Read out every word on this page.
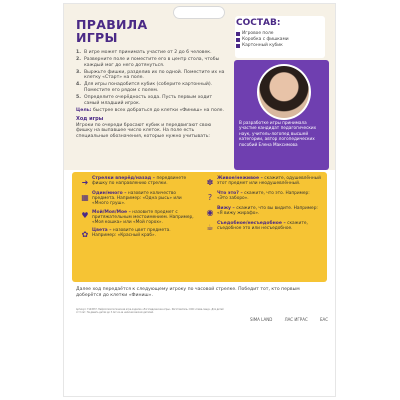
ПРАВИЛА
ИГРЫ
1. В игре может принимать участие от 2 до 6 человек.
2. Разверните поле и поместите его в центр стола, чтобы каждый мог до него дотянуться.
3. Выржьте фишки, разделив их по одной. Поместите их на клетку «Старт» на поле.
4. Для игры понадобится кубик (соберите картонный). Поместите его рядом с полем.
5. Определите очерёдность хода. Пусть первым ходит самый младший игрок.
Цель: быстрее всех добраться до клетки «Финиш» на поле.
Ход игры
Игроки по очереди бросают кубик и передвигают свою фишку на выпавшее число клеток. На поле есть специальные обозначения, которые нужно учитывать:
СОСТАВ:
Игровое поле
Коробка с фишками
Картонный кубик
В разработке игры принимала участие кандидат педагогических наук, учитель-логопед высшей категории, автор логопедических пособий Елена Максимова
➜ Стрелки вперёд/назад – передвинете фишку по направлению стрелки.
▦ Один/много – назовите количество предмета. Например: «Одна рысь» или «Много груш».
♥ Мой/Моя/Мое – назовите предмет с притяжательным местоимением. Например, «Моя кошка» или «Мой горох».
✿ Цвета – назовите цвет предмета. Например: «Красный краб».
✽ Живое/неживое – скажите, одушевлённый этот предмет или неодушевлённый.
?	Что это? – скажите, что это. Например: «Это заборо».
◉ Вижу – скажите, что вы видите. Например: «Я вижу жирафо».
☕ Съедобное/несъедобное – скажите, съедобное это или несъедобное.
Далее ход передаётся к следующему игроку по часовой стрелке. Победит тот, кто первым доберётся до клетки «Финиш».
Артикул: 7144537. Нейропсихологическая игра-ходилка «Логопедические игры». Изготовитель: ООО «Сима-ленд». Для детей от 3 лет. Не давать детям до 3 лет из-за наличия мелких деталей.
SIMA LAND	ЛАС ИГРАС	EAC
